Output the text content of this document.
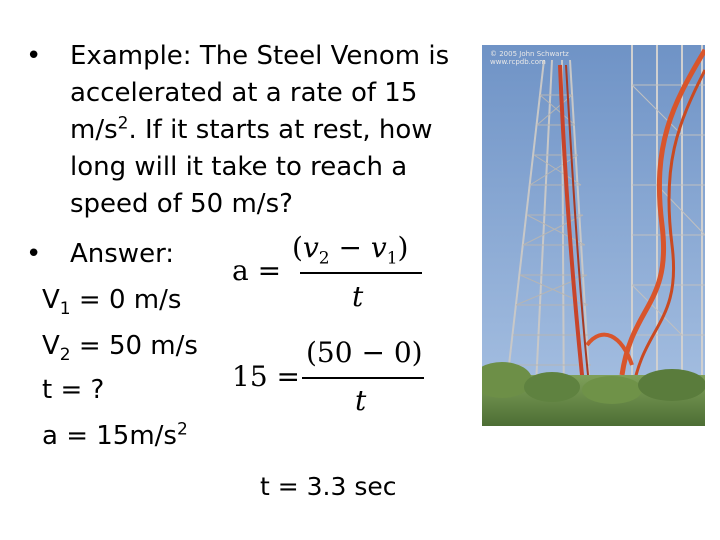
• Example: The Steel Venom is
accelerated at a rate of 15
$m/s^2$. If it starts at rest, how
long will it take to reach a
speed of 50 m/s?
• Answer:
$V_1 = 0$ m/s
$V_2 = 50$ m/s
t = ?
$a = 15m/s^2$
a =
$(v_2 - v_1)$
t
15 =
(50 − 0)
t
t = 3.3 sec
© 2005 John Schwartz
www.rcpdb.com
